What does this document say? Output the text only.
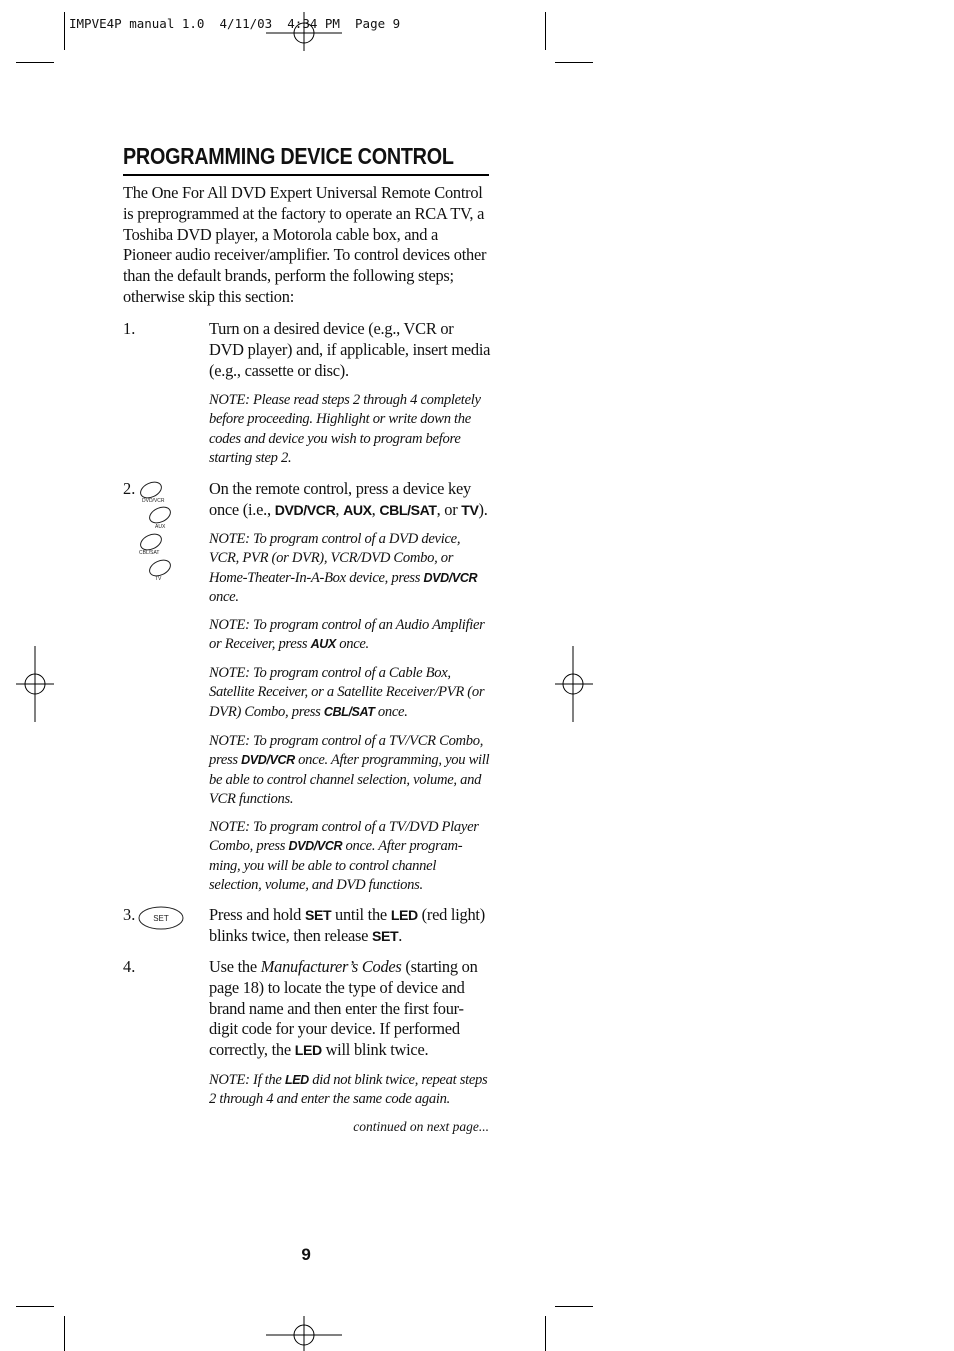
IMPVE4P manual 1.0 4/11/03 4:34 PM Page 9
PROGRAMMING DEVICE CONTROL
The One For All DVD Expert Universal Remote Control is preprogrammed at the factory to operate an RCA TV, a Toshiba DVD player, a Motorola cable box, and a Pioneer audio receiver/amplifier. To control devices other than the default brands, perform the following steps; otherwise skip this section:
1.	Turn on a desired device (e.g., VCR or DVD player) and, if applicable, insert media (e.g., cassette or disc).
NOTE: Please read steps 2 through 4 completely before proceeding. Highlight or write down the codes and device you wish to program before starting step 2.
2.
DVD/VCR
AUX
CBL/SAT
TV
On the remote control, press a device key once (i.e., DVD/VCR, AUX, CBL/SAT, or TV).
NOTE: To program control of a DVD device, VCR, PVR (or DVR), VCR/DVD Combo, or Home-Theater-In-A-Box device, press DVD/VCR once.
NOTE: To program control of an Audio Amplifier or Receiver, press AUX once.
NOTE: To program control of a Cable Box, Satellite Receiver, or a Satellite Receiver/PVR (or DVR) Combo, press CBL/SAT once.
NOTE: To program control of a TV/VCR Combo, press DVD/VCR once. After programming, you will be able to control channel selection, volume, and VCR functions.
NOTE: To program control of a TV/DVD Player Combo, press DVD/VCR once. After program-ming, you will be able to control channel selection, volume, and DVD functions.
3. SET Press and hold SET until the LED (red light) blinks twice, then release SET.
4.	Use the Manufacturer’s Codes (starting on page 18) to locate the type of device and brand name and then enter the first four-digit code for your device. If performed correctly, the LED will blink twice.
NOTE: If the LED did not blink twice, repeat steps 2 through 4 and enter the same code again.
continued on next page...
9
